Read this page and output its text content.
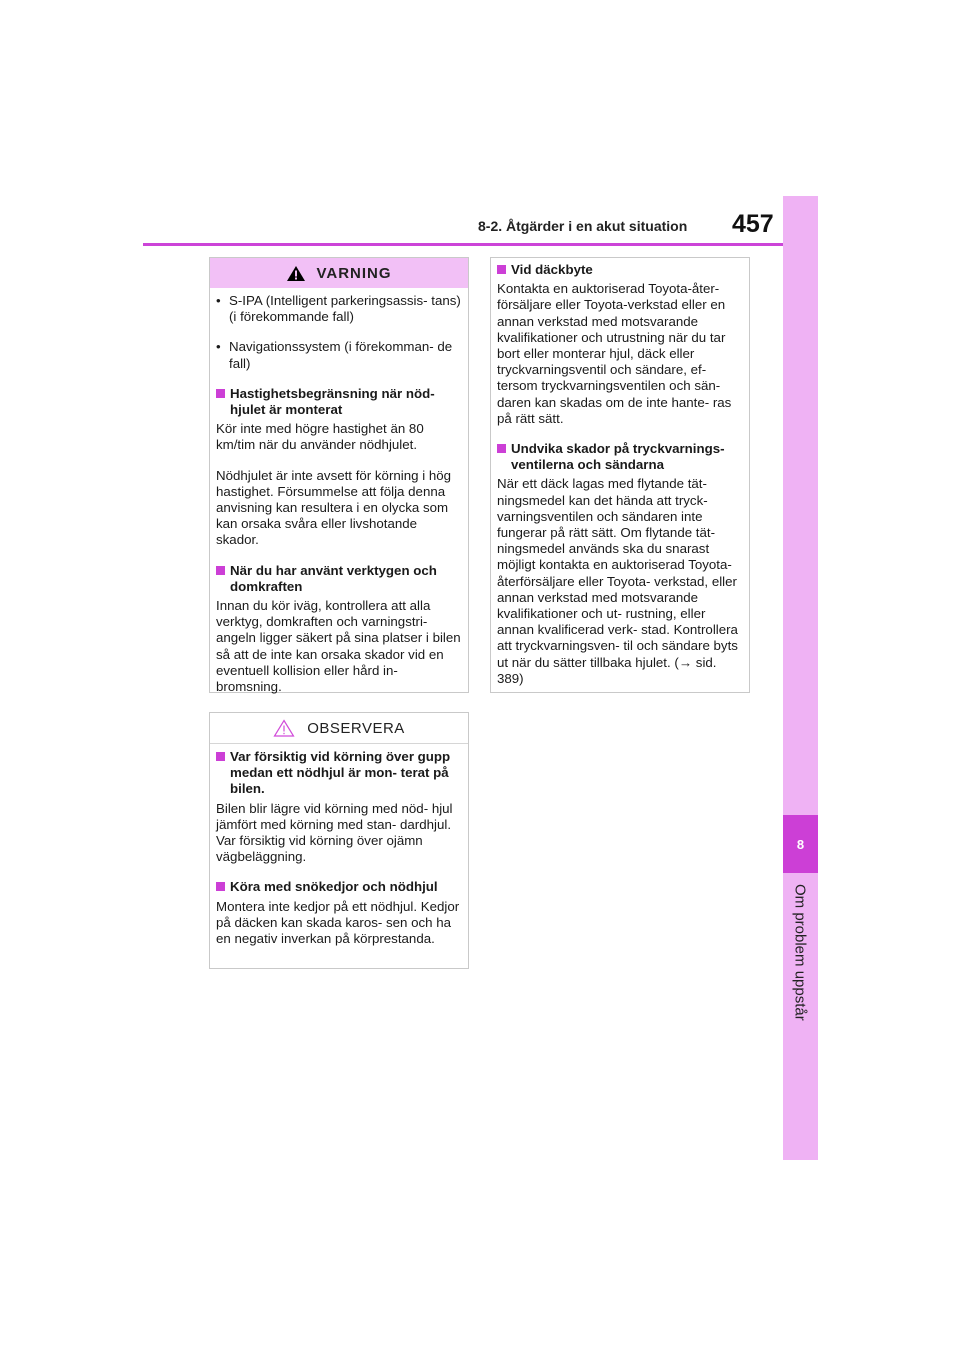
8
Om problem uppstår
8-2. Åtgärder i en akut situation 457
VARNING
• S-IPA (Intelligent parkeringsassis- tans) (i förekommande fall)
• Navigationssystem (i förekomman- de fall)
Hastighetsbegränsning när nöd- hjulet är monterat
Kör inte med högre hastighet än 80 km/tim när du använder nödhjulet.
Nödhjulet är inte avsett för körning i hög hastighet. Försummelse att följa denna anvisning kan resultera i en olycka som kan orsaka svåra eller livshotande skador.
När du har använt verktygen och domkraften
Innan du kör iväg, kontrollera att alla verktyg, domkraften och varningstri- angeln ligger säkert på sina platser i bilen så att de inte kan orsaka skador vid en eventuell kollision eller hård in- bromsning.
OBSERVERA
Var försiktig vid körning över gupp medan ett nödhjul är mon- terat på bilen.
Bilen blir lägre vid körning med nöd- hjul jämfört med körning med stan- dardhjul. Var försiktig vid körning över ojämn vägbeläggning.
Köra med snökedjor och nödhjul
Montera inte kedjor på ett nödhjul. Kedjor på däcken kan skada karos- sen och ha en negativ inverkan på körprestanda.
Vid däckbyte
Kontakta en auktoriserad Toyota-åter- försäljare eller Toyota-verkstad eller en annan verkstad med motsvarande kvalifikationer och utrustning när du tar bort eller monterar hjul, däck eller tryckvarningsventil och sändare, ef- tersom tryckvarningsventilen och sän- daren kan skadas om de inte hante- ras på rätt sätt.
Undvika skador på tryckvarnings- ventilerna och sändarna
När ett däck lagas med flytande tät- ningsmedel kan det hända att tryck- varningsventilen och sändaren inte fungerar på rätt sätt. Om flytande tät- ningsmedel används ska du snarast möjligt kontakta en auktoriserad Toyota-återförsäljare eller Toyota- verkstad, eller annan verkstad med motsvarande kvalifikationer och ut- rustning, eller annan kvalificerad verk- stad. Kontrollera att tryckvarningsven- til och sändare byts ut när du sätter tillbaka hjulet. (→ sid. 389)
